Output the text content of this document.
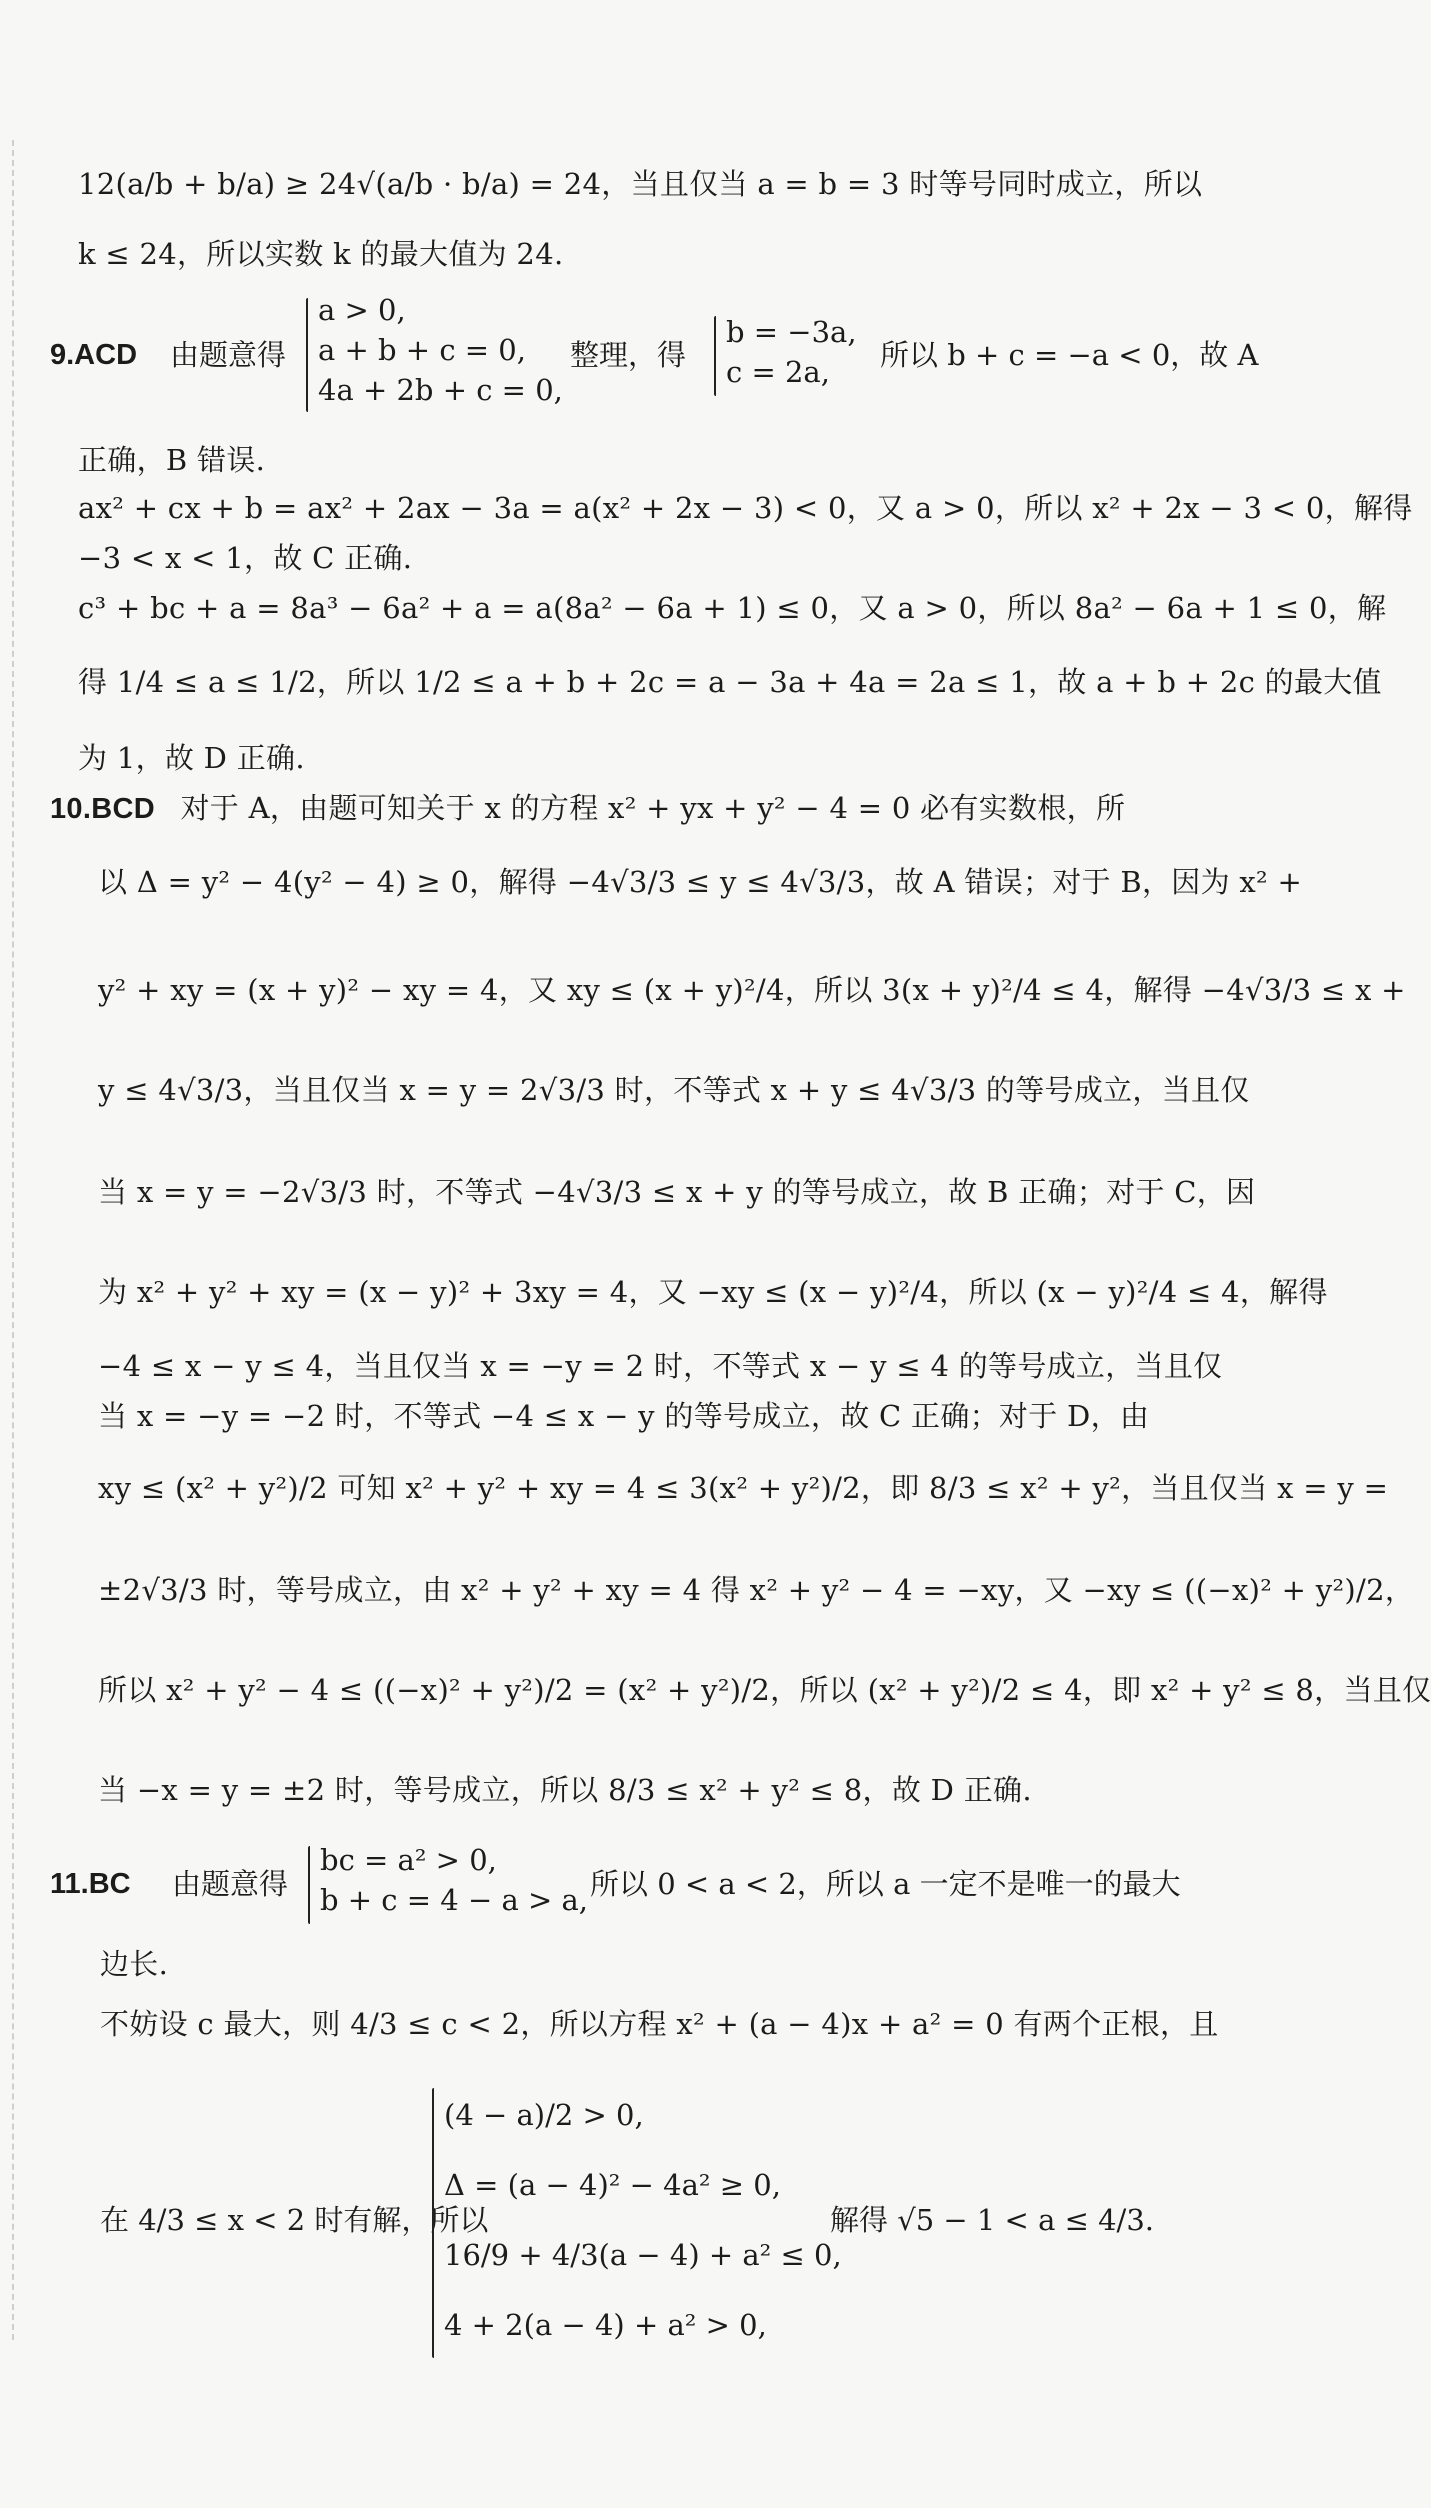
12(a/b + b/a) ≥ 24√(a/b · b/a) = 24，当且仅当 a = b = 3 时等号同时成立，所以
k ≤ 24，所以实数 k 的最大值为 24.
9.ACD 由题意得
a > 0,
a + b + c = 0,
4a + 2b + c = 0,
整理，得
b = −3a,
c = 2a,	所以 b + c = −a < 0，故 A
正确，B 错误.
ax² + cx + b = ax² + 2ax − 3a = a(x² + 2x − 3) < 0，又 a > 0，所以 x² + 2x − 3 < 0，解得
−3 < x < 1，故 C 正确.
c³ + bc + a = 8a³ − 6a² + a = a(8a² − 6a + 1) ≤ 0，又 a > 0，所以 8a² − 6a + 1 ≤ 0，解
得 1/4 ≤ a ≤ 1/2，所以 1/2 ≤ a + b + 2c = a − 3a + 4a = 2a ≤ 1，故 a + b + 2c 的最大值
为 1，故 D 正确.
10.BCD 对于 A，由题可知关于 x 的方程 x² + yx + y² − 4 = 0 必有实数根，所
以 Δ = y² − 4(y² − 4) ≥ 0，解得 −4√3/3 ≤ y ≤ 4√3/3，故 A 错误；对于 B，因为 x² +
y² + xy = (x + y)² − xy = 4，又 xy ≤ (x + y)²/4，所以 3(x + y)²/4 ≤ 4，解得 −4√3/3 ≤ x +
y ≤ 4√3/3，当且仅当 x = y = 2√3/3 时，不等式 x + y ≤ 4√3/3 的等号成立，当且仅
当 x = y = −2√3/3 时，不等式 −4√3/3 ≤ x + y 的等号成立，故 B 正确；对于 C，因
为 x² + y² + xy = (x − y)² + 3xy = 4，又 −xy ≤ (x − y)²/4，所以 (x − y)²/4 ≤ 4，解得
−4 ≤ x − y ≤ 4，当且仅当 x = −y = 2 时，不等式 x − y ≤ 4 的等号成立，当且仅
当 x = −y = −2 时，不等式 −4 ≤ x − y 的等号成立，故 C 正确；对于 D，由
xy ≤ (x² + y²)/2 可知 x² + y² + xy = 4 ≤ 3(x² + y²)/2，即 8/3 ≤ x² + y²，当且仅当 x = y =
±2√3/3 时，等号成立，由 x² + y² + xy = 4 得 x² + y² − 4 = −xy，又 −xy ≤ ((−x)² + y²)/2，
所以 x² + y² − 4 ≤ ((−x)² + y²)/2 = (x² + y²)/2，所以 (x² + y²)/2 ≤ 4，即 x² + y² ≤ 8，当且仅
当 −x = y = ±2 时，等号成立，所以 8/3 ≤ x² + y² ≤ 8，故 D 正确.
11.BC 由题意得
bc = a² > 0,
b + c = 4 − a > a, 所以 0 < a < 2，所以 a 一定不是唯一的最大
边长.
不妨设 c 最大，则 4/3 ≤ c < 2，所以方程 x² + (a − 4)x + a² = 0 有两个正根，且
在 4/3 ≤ x < 2 时有解，所以
(4 − a)/2 > 0,
Δ = (a − 4)² − 4a² ≥ 0,
16/9 + 4/3(a − 4) + a² ≤ 0,
4 + 2(a − 4) + a² > 0,
解得 √5 − 1 < a ≤ 4/3.
